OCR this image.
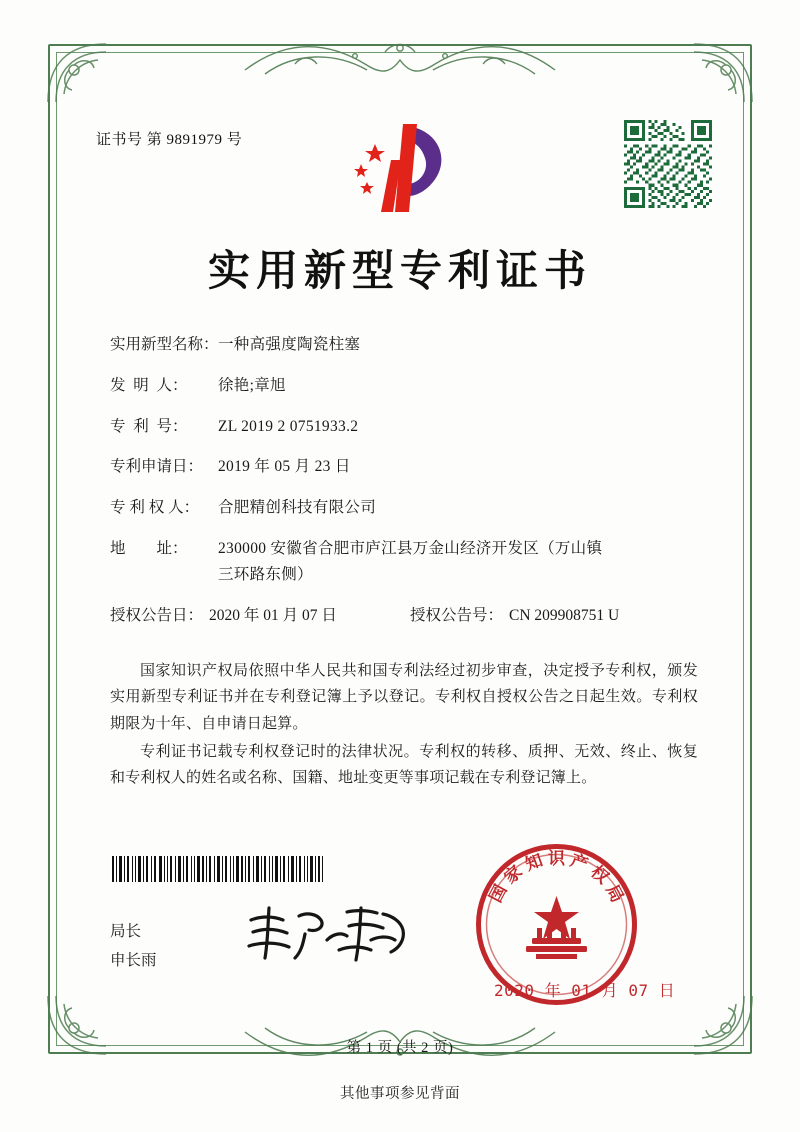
证书号 第 9891979 号
实用新型专利证书
实用新型名称： 一种高强度陶瓷柱塞
发  明  人：	徐艳;章旭
专  利  号：	ZL 2019 2 0751933.2
专利申请日： 2019 年 05 月 23 日
专 利 权 人：	合肥精创科技有限公司
地        址：	230000 安徽省合肥市庐江县万金山经济开发区（万山镇
三环路东侧）
授权公告日： 2020 年 01 月 07 日	授权公告号： CN 209908751 U

国家知识产权局依照中华人民共和国专利法经过初步审查，决定授予专利权，颁发实用新型专利证书并在专利登记簿上予以登记。专利权自授权公告之日起生效。专利权期限为十年、自申请日起算。

专利证书记载专利权登记时的法律状况。专利权的转移、质押、无效、终止、恢复和专利权人的姓名或名称、国籍、地址变更等事项记载在专利登记簿上。

局长
申长雨
国
家
知 识 产
权
局
2020 年 01 月 07 日
第 1 页 (共 2 页)
其他事项参见背面
